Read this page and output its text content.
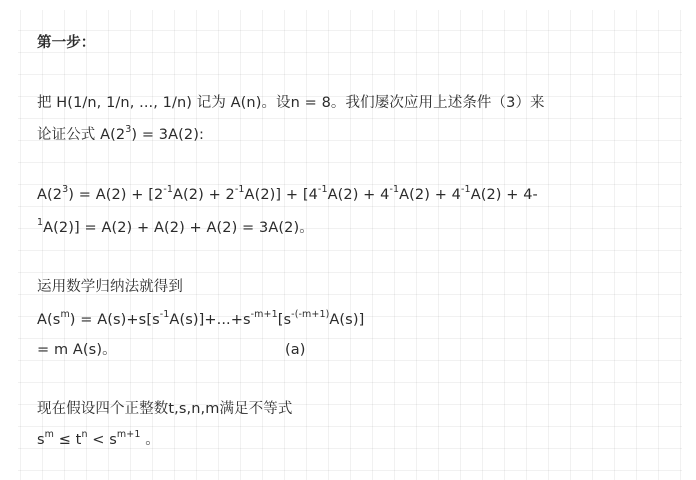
第一步：
把 H(1/n, 1/n, ..., 1/n) 记为 A(n)。设n = 8。我们屡次应用上述条件（3）来
论证公式 $A(2^3) = 3A(2)$:
$A(2^3) = A(2) + [2^{-1}A(2) + 2^{-1}A(2)] + [4^{-1}A(2) + 4^{-1}A(2) + 4^{-1}A(2) + 4-$
$^1$A(2)] = A(2) + A(2) + A(2) = 3A(2)。
运用数学归纳法就得到
$A(s^m) = A(s)+s[s^{-1}A(s)]+...+s^{-m+1}[s^{-(-m+1)}A(s)]$
= m A(s)。	(a)
现在假设四个正整数t,s,n,m满足不等式
$s^m \le t^n < s^{m+1}$ 。
